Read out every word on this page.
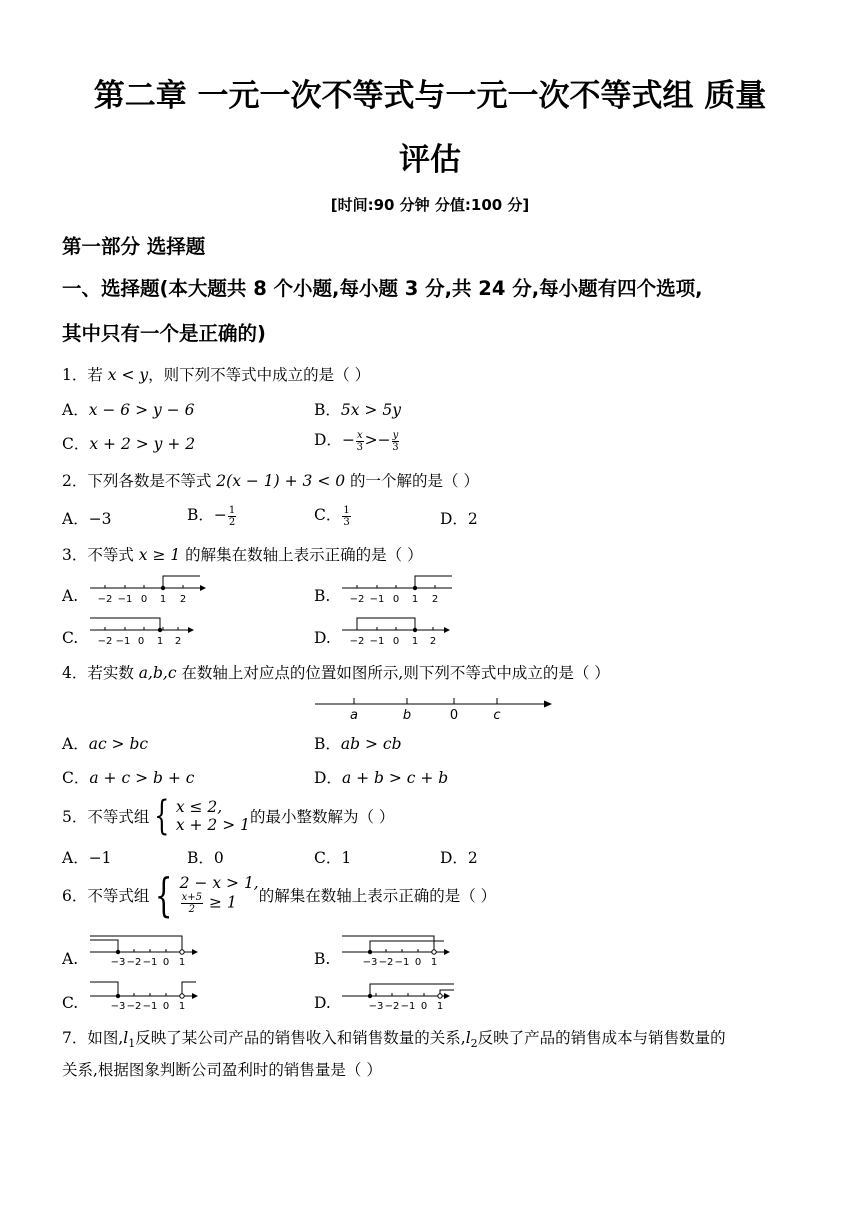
第二章 一元一次不等式与一元一次不等式组 质量
评估
[时间:90 分钟 分值:100 分]
第一部分 选择题
一、选择题(本大题共 8 个小题,每小题 3 分,共 24 分,每小题有四个选项,
其中只有一个是正确的)
1．若 x < y，则下列不等式中成立的是（ ）
A．x − 6 > y − 6	B．5x > 5y
C．x + 2 > y + 2	D．− $\frac{x}{3} >- \frac{y}{3}$
2．下列各数是不等式 2(x − 1) + 3 < 0 的一个解的是（ ）
A．−3	B．− $\frac{1}{2}$	C． $\frac{1}{3}$	D．2
3．不等式 x ≥ 1 的解集在数轴上表示正确的是（ ）
A.	B.
C.	D.
−2 −1 0 1 2	−2 −1 0 1 2
−2 −1 0 1 2	−2 −1 0 1 2
4．若实数 a,b,c 在数轴上对应点的位置如图所示,则下列不等式中成立的是（ ）
a	b	0	c
A．ac > bc	B．ab > cb
C．a + c > b + c	D．a + b > c + b
5．不等式组 { x ≤ 2,
x + 2 > 1 的最小整数解为（ ）
A．−1	B．0	C．1	D．2
6．不等式组 { 2 − x > 1,
$\frac{x+5}{2} \ge 1$	的解集在数轴上表示正确的是（ ）
A.	B.
C.	D.
−3 −2 −1 0 1	−3 −2 −1 0 1
−3 −2 −1 0 1	−3 −2 −1 0 1
7．如图$,l_1$反映了某公司产品的销售收入和销售数量的关系$,l_2$反映了产品的销售成本与销售数量的
关系,根据图象判断公司盈利时的销售量是（ ）
